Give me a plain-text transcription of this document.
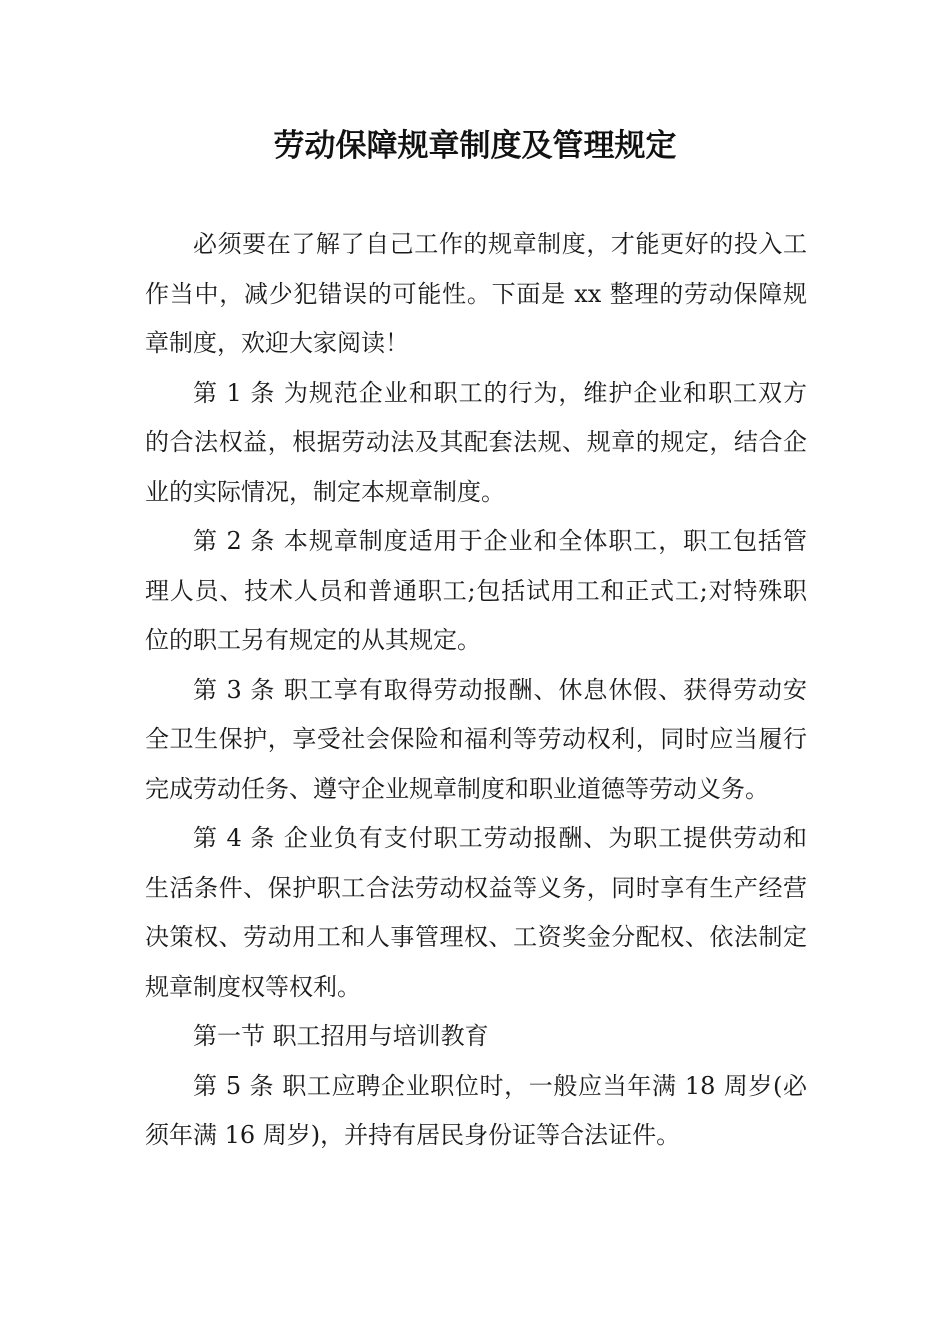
劳动保障规章制度及管理规定

必须要在了解了自己工作的规章制度，才能更好的投入工作当中，减少犯错误的可能性。下面是 xx 整理的劳动保障规章制度，欢迎大家阅读！

第 1 条 为规范企业和职工的行为，维护企业和职工双方的合法权益，根据劳动法及其配套法规、规章的规定，结合企业的实际情况，制定本规章制度。

第 2 条 本规章制度适用于企业和全体职工，职工包括管理人员、技术人员和普通职工;包括试用工和正式工;对特殊职位的职工另有规定的从其规定。

第 3 条 职工享有取得劳动报酬、休息休假、获得劳动安全卫生保护，享受社会保险和福利等劳动权利，同时应当履行完成劳动任务、遵守企业规章制度和职业道德等劳动义务。

第 4 条 企业负有支付职工劳动报酬、为职工提供劳动和生活条件、保护职工合法劳动权益等义务，同时享有生产经营决策权、劳动用工和人事管理权、工资奖金分配权、依法制定规章制度权等权利。

第一节 职工招用与培训教育

第 5 条 职工应聘企业职位时，一般应当年满 18 周岁(必须年满 16 周岁)，并持有居民身份证等合法证件。
